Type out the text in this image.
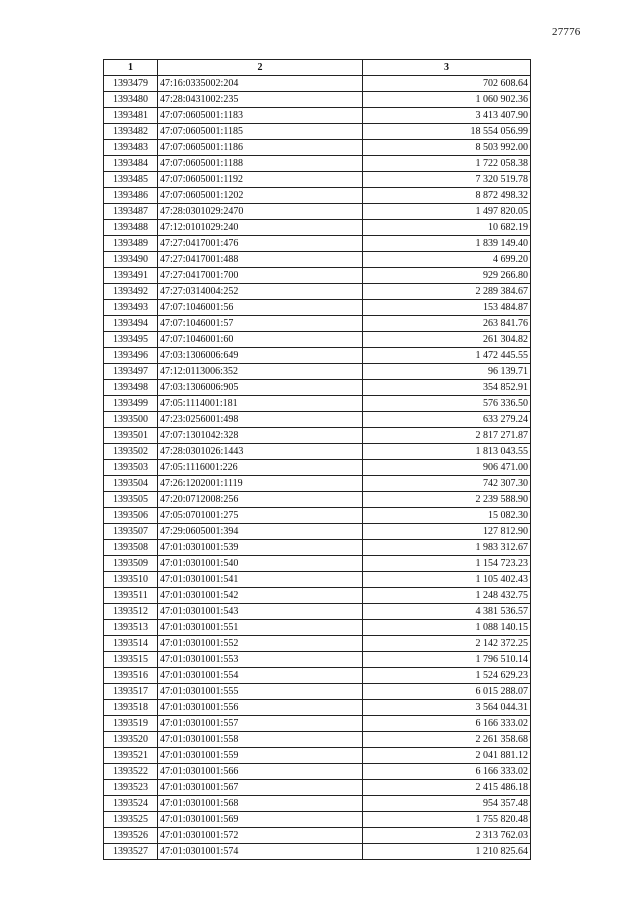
27776
1	2	3
1393479	47:16:0335002:204	702 608.64
1393480	47:28:0431002:235	1 060 902.36
1393481	47:07:0605001:1183	3 413 407.90
1393482	47:07:0605001:1185	18 554 056.99
1393483	47:07:0605001:1186	8 503 992.00
1393484	47:07:0605001:1188	1 722 058.38
1393485	47:07:0605001:1192	7 320 519.78
1393486	47:07:0605001:1202	8 872 498.32
1393487	47:28:0301029:2470	1 497 820.05
1393488	47:12:0101029:240	10 682.19
1393489	47:27:0417001:476	1 839 149.40
1393490	47:27:0417001:488	4 699.20
1393491	47:27:0417001:700	929 266.80
1393492	47:27:0314004:252	2 289 384.67
1393493	47:07:1046001:56	153 484.87
1393494	47:07:1046001:57	263 841.76
1393495	47:07:1046001:60	261 304.82
1393496	47:03:1306006:649	1 472 445.55
1393497	47:12:0113006:352	96 139.71
1393498	47:03:1306006:905	354 852.91
1393499	47:05:1114001:181	576 336.50
1393500	47:23:0256001:498	633 279.24
1393501	47:07:1301042:328	2 817 271.87
1393502	47:28:0301026:1443	1 813 043.55
1393503	47:05:1116001:226	906 471.00
1393504	47:26:1202001:1119	742 307.30
1393505	47:20:0712008:256	2 239 588.90
1393506	47:05:0701001:275	15 082.30
1393507	47:29:0605001:394	127 812.90
1393508	47:01:0301001:539	1 983 312.67
1393509	47:01:0301001:540	1 154 723.23
1393510	47:01:0301001:541	1 105 402.43
1393511	47:01:0301001:542	1 248 432.75
1393512	47:01:0301001:543	4 381 536.57
1393513	47:01:0301001:551	1 088 140.15
1393514	47:01:0301001:552	2 142 372.25
1393515	47:01:0301001:553	1 796 510.14
1393516	47:01:0301001:554	1 524 629.23
1393517	47:01:0301001:555	6 015 288.07
1393518	47:01:0301001:556	3 564 044.31
1393519	47:01:0301001:557	6 166 333.02
1393520	47:01:0301001:558	2 261 358.68
1393521	47:01:0301001:559	2 041 881.12
1393522	47:01:0301001:566	6 166 333.02
1393523	47:01:0301001:567	2 415 486.18
1393524	47:01:0301001:568	954 357.48
1393525	47:01:0301001:569	1 755 820.48
1393526	47:01:0301001:572	2 313 762.03
1393527	47:01:0301001:574	1 210 825.64
